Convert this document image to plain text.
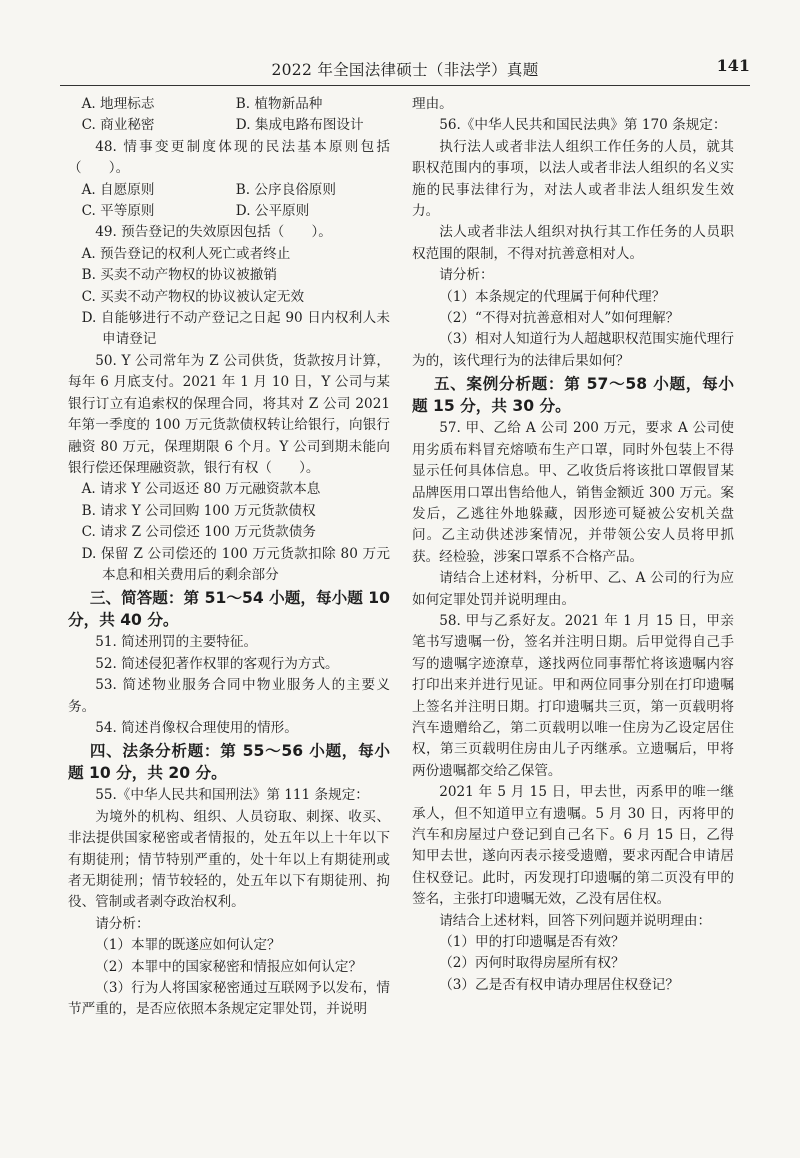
2022 年全国法律硕士（非法学）真题	141

A. 地理标志	B. 植物新品种

C. 商业秘密	D. 集成电路布图设计

48. 情事变更制度体现的民法基本原则包括（　　）。

A. 自愿原则	B. 公序良俗原则

C. 平等原则	D. 公平原则

49. 预告登记的失效原因包括（　　）。

A. 预告登记的权利人死亡或者终止

B. 买卖不动产物权的协议被撤销

C. 买卖不动产物权的协议被认定无效

D. 自能够进行不动产登记之日起 90 日内权利人未申请登记

50. Y 公司常年为 Z 公司供货，货款按月计算，每年 6 月底支付。2021 年 1 月 10 日，Y 公司与某银行订立有追索权的保理合同，将其对 Z 公司 2021 年第一季度的 100 万元货款债权转让给银行，向银行融资 80 万元，保理期限 6 个月。Y 公司到期未能向银行偿还保理融资款，银行有权（　　）。

A. 请求 Y 公司返还 80 万元融资款本息

B. 请求 Y 公司回购 100 万元货款债权

C. 请求 Z 公司偿还 100 万元货款债务

D. 保留 Z 公司偿还的 100 万元货款扣除 80 万元本息和相关费用后的剩余部分

三、简答题：第 51～54 小题，每小题 10 分，共 40 分。

51. 简述刑罚的主要特征。

52. 简述侵犯著作权罪的客观行为方式。

53. 简述物业服务合同中物业服务人的主要义务。

54. 简述肖像权合理使用的情形。

四、法条分析题：第 55～56 小题，每小题 10 分，共 20 分。

55.《中华人民共和国刑法》第 111 条规定：

为境外的机构、组织、人员窃取、刺探、收买、非法提供国家秘密或者情报的，处五年以上十年以下有期徒刑；情节特别严重的，处十年以上有期徒刑或者无期徒刑；情节较轻的，处五年以下有期徒刑、拘役、管制或者剥夺政治权利。

请分析：

（1）本罪的既遂应如何认定？

（2）本罪中的国家秘密和情报应如何认定？

（3）行为人将国家秘密通过互联网予以发布，情节严重的，是否应依照本条规定定罪处罚，并说明

理由。

56.《中华人民共和国民法典》第 170 条规定：

执行法人或者非法人组织工作任务的人员，就其职权范围内的事项，以法人或者非法人组织的名义实施的民事法律行为，对法人或者非法人组织发生效力。

法人或者非法人组织对执行其工作任务的人员职权范围的限制，不得对抗善意相对人。

请分析：

（1）本条规定的代理属于何种代理？

（2）“不得对抗善意相对人”如何理解？

（3）相对人知道行为人超越职权范围实施代理行为的，该代理行为的法律后果如何？

五、案例分析题：第 57～58 小题，每小题 15 分，共 30 分。

57. 甲、乙给 A 公司 200 万元，要求 A 公司使用劣质布料冒充熔喷布生产口罩，同时外包装上不得显示任何具体信息。甲、乙收货后将该批口罩假冒某品牌医用口罩出售给他人，销售金额近 300 万元。案发后，乙逃往外地躲藏，因形迹可疑被公安机关盘问。乙主动供述涉案情况，并带领公安人员将甲抓获。经检验，涉案口罩系不合格产品。

请结合上述材料，分析甲、乙、A 公司的行为应如何定罪处罚并说明理由。

58. 甲与乙系好友。2021 年 1 月 15 日，甲亲笔书写遗嘱一份，签名并注明日期。后甲觉得自己手写的遗嘱字迹潦草，遂找两位同事帮忙将该遗嘱内容打印出来并进行见证。甲和两位同事分别在打印遗嘱上签名并注明日期。打印遗嘱共三页，第一页载明将汽车遗赠给乙，第二页载明以唯一住房为乙设定居住权，第三页载明住房由儿子丙继承。立遗嘱后，甲将两份遗嘱都交给乙保管。

2021 年 5 月 15 日，甲去世，丙系甲的唯一继承人，但不知道甲立有遗嘱。5 月 30 日，丙将甲的汽车和房屋过户登记到自己名下。6 月 15 日，乙得知甲去世，遂向丙表示接受遗赠，要求丙配合申请居住权登记。此时，丙发现打印遗嘱的第二页没有甲的签名，主张打印遗嘱无效，乙没有居住权。

请结合上述材料，回答下列问题并说明理由：

（1）甲的打印遗嘱是否有效？

（2）丙何时取得房屋所有权？

（3）乙是否有权申请办理居住权登记？
